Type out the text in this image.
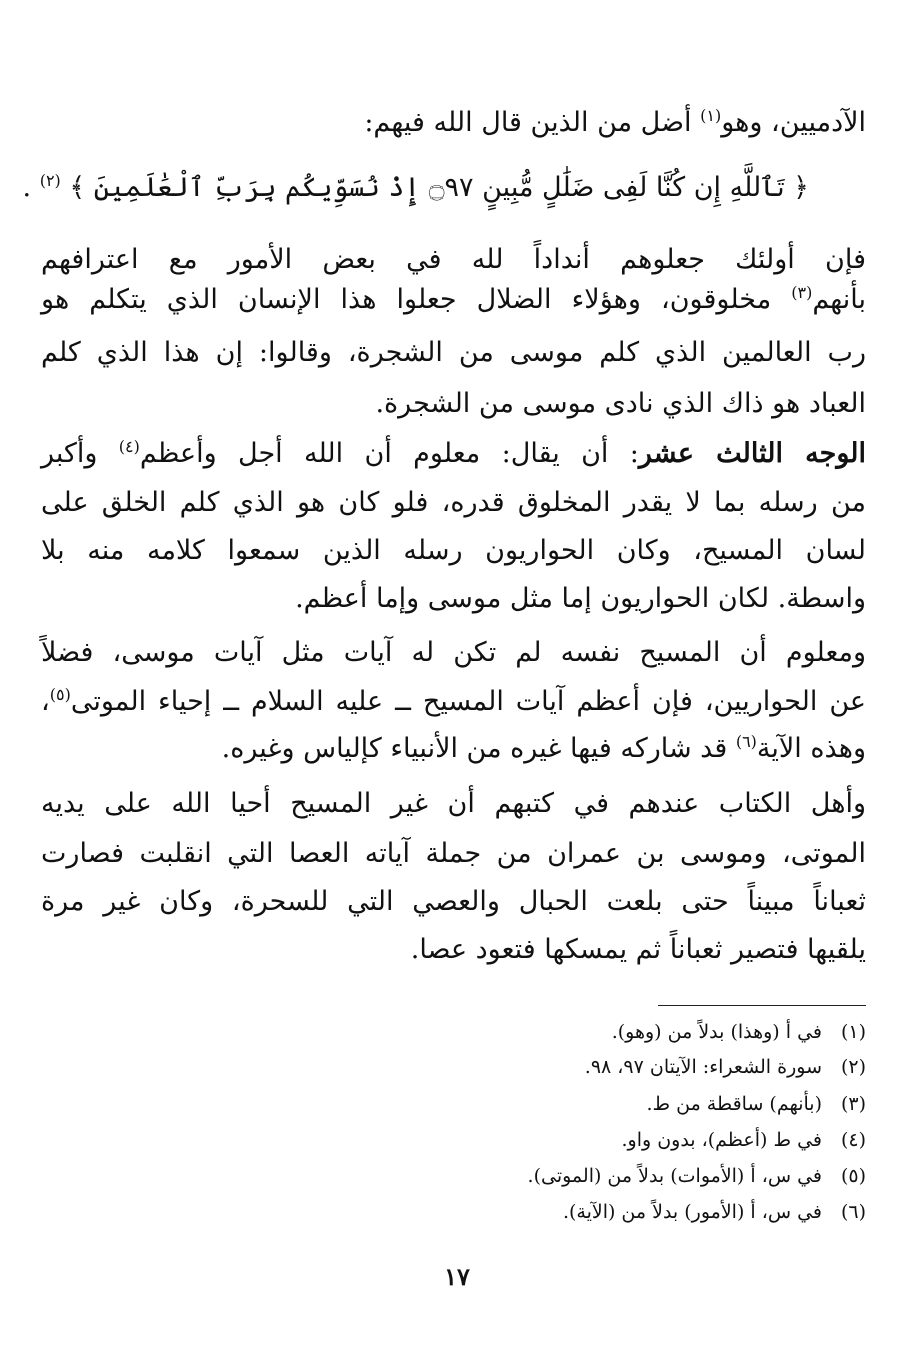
الآدميين، وهو$^{(١)}$ أضل من الذين قال الله فيهم:
﴿ تَٱللَّهِ إِن كُنَّا لَفِى ضَلَٰلٍ مُّبِينٍ ۝٩٧ إِذْ نُسَوِّيكُم بِرَبِّ ٱلْعَٰلَمِينَ ﴾ $^{(٢)}$ .
فإن أولئك جعلوهم أنداداً لله في بعض الأمور مع اعترافهم
بأنهم$^{(٣)}$ مخلوقون، وهؤلاء الضلال جعلوا هذا الإنسان الذي يتكلم هو
رب العالمين الذي كلم موسى من الشجرة، وقالوا: إن هذا الذي كلم
العباد هو ذاك الذي نادى موسى من الشجرة.
الوجه الثالث عشر: أن يقال: معلوم أن الله أجل وأعظم$^{(٤)}$ وأكبر
من رسله بما لا يقدر المخلوق قدره، فلو كان هو الذي كلم الخلق على
لسان المسيح، وكان الحواريون رسله الذين سمعوا كلامه منه بلا
واسطة. لكان الحواريون إما مثل موسى وإما أعظم.
ومعلوم أن المسيح نفسه لم تكن له آيات مثل آيات موسى، فضلاً
عن الحواريين، فإن أعظم آيات المسيح ــ عليه السلام ــ إحياء الموتى$^{(٥)}$،
وهذه الآية$^{(٦)}$ قد شاركه فيها غيره من الأنبياء كإلياس وغيره.
وأهل الكتاب عندهم في كتبهم أن غير المسيح أحيا الله على يديه
الموتى، وموسى بن عمران من جملة آياته العصا التي انقلبت فصارت
ثعباناً مبيناً حتى بلعت الحبال والعصي التي للسحرة، وكان غير مرة
يلقيها فتصير ثعباناً ثم يمسكها فتعود عصا.
(١)في أ (وهذا) بدلاً من (وهو).
(٢)سورة الشعراء: الآيتان ٩٧، ٩٨.
(٣)(بأنهم) ساقطة من ط.
(٤)في ط (أعظم)، بدون واو.
(٥)في س، أ (الأموات) بدلاً من (الموتى).
(٦)في س، أ (الأمور) بدلاً من (الآية).
١٧
